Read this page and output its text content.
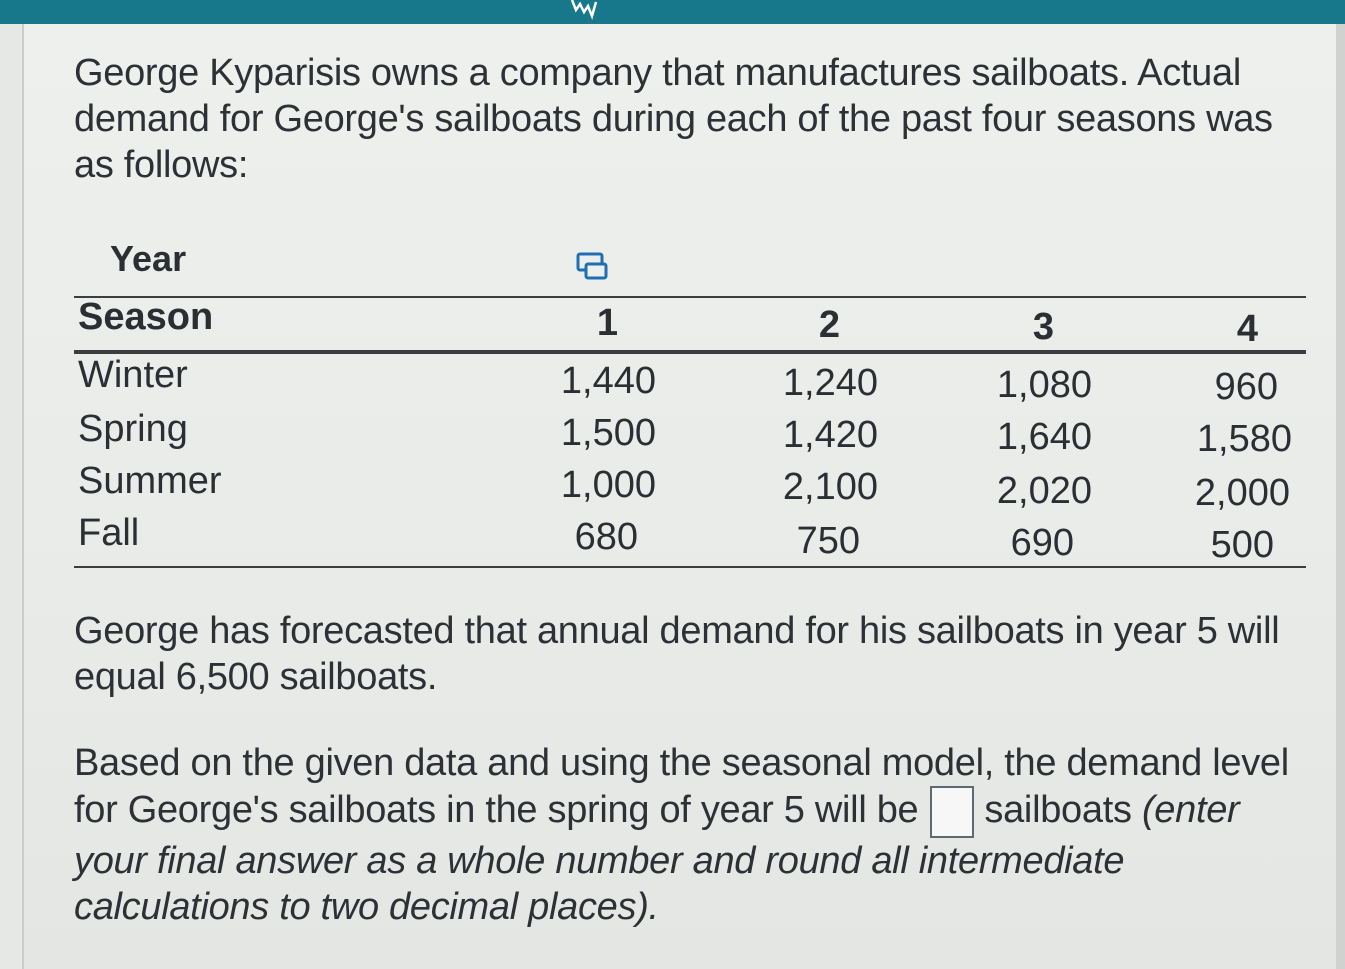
George Kyparisis owns a company that manufactures sailboats. Actual demand for George's sailboats during each of the past four seasons was as follows:
Year
Season	1	2	3	4
Winter	1,440	1,240	1,080	960
Spring	1,500	1,420	1,640	1,580
Summer	1,000	2,100	2,020	2,000
Fall	680	750	690	500
George has forecasted that annual demand for his sailboats in year 5 will equal 6,500 sailboats.
Based on the given data and using the seasonal model, the demand level for George's sailboats in the spring of year 5 will be sailboats (enter your final answer as a whole number and round all intermediate calculations to two decimal places).
